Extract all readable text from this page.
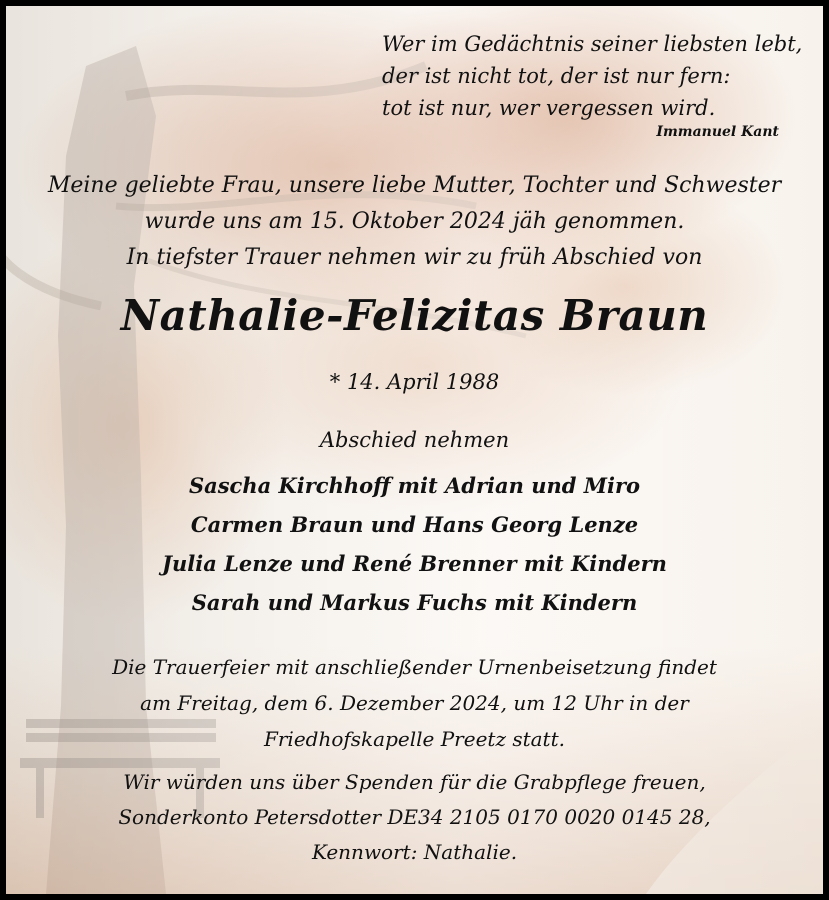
Wer im Gedächtnis seiner liebsten lebt,
der ist nicht tot, der ist nur fern:
tot ist nur, wer vergessen wird.
Immanuel Kant
Meine geliebte Frau, unsere liebe Mutter, Tochter und Schwester
wurde uns am 15. Oktober 2024 jäh genommen.
In tiefster Trauer nehmen wir zu früh Abschied von
Nathalie-Felizitas Braun
* 14. April 1988
Abschied nehmen
Sascha Kirchhoff mit Adrian und Miro
Carmen Braun und Hans Georg Lenze
Julia Lenze und René Brenner mit Kindern
Sarah und Markus Fuchs mit Kindern
Die Trauerfeier mit anschließender Urnenbeisetzung findet
am Freitag, dem 6. Dezember 2024, um 12 Uhr in der
Friedhofskapelle Preetz statt.
Wir würden uns über Spenden für die Grabpflege freuen,
Sonderkonto Petersdotter DE34 2105 0170 0020 0145 28,
Kennwort: Nathalie.
